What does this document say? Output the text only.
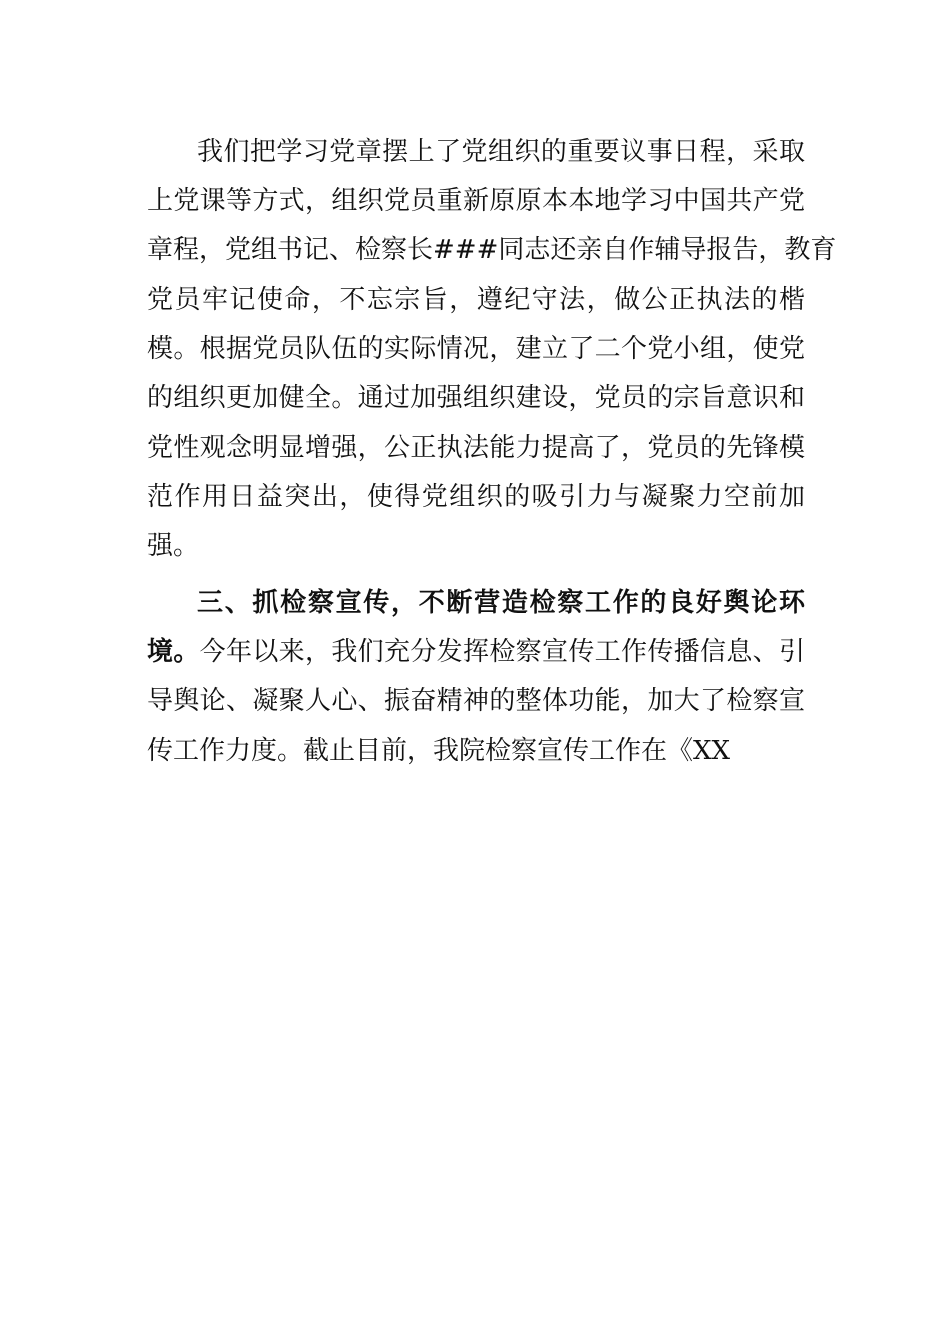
我们把学习党章摆上了党组织的重要议事日程，采取
上党课等方式，组织党员重新原原本本地学习中国共产党
章程，党组书记、检察长###同志还亲自作辅导报告，教育
党员牢记使命，不忘宗旨，遵纪守法，做公正执法的楷
模。根据党员队伍的实际情况，建立了二个党小组，使党
的组织更加健全。通过加强组织建设，党员的宗旨意识和
党性观念明显增强，公正执法能力提高了，党员的先锋模
范作用日益突出，使得党组织的吸引力与凝聚力空前加
强。
三、抓检察宣传，不断营造检察工作的良好舆论环
境。今年以来，我们充分发挥检察宣传工作传播信息、引
导舆论、凝聚人心、振奋精神的整体功能，加大了检察宣
传工作力度。截止目前，我院检察宣传工作在《XX
